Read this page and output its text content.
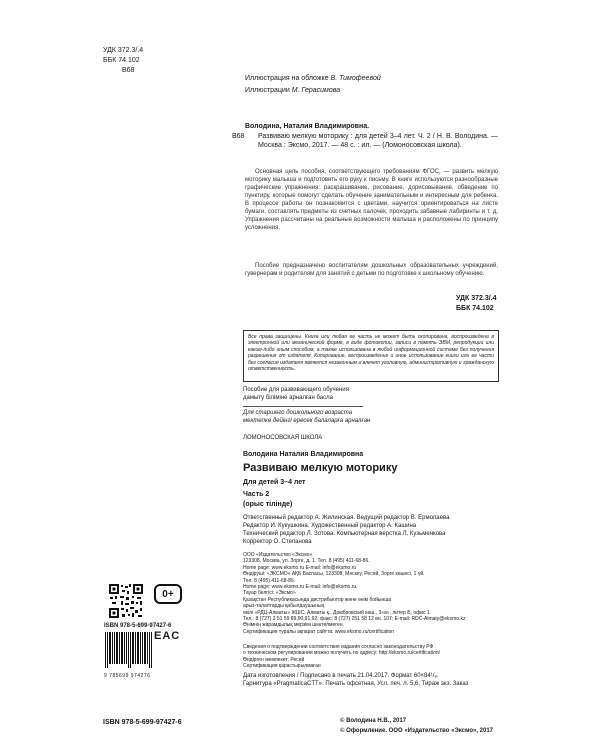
УДК 372.3/.4
ББК 74.102
В68
Иллюстрация на обложке В. Тимофеевой
Иллюстрации М. Герасимова
Володина, Наталия Владимировна.
В68 Развиваю мелкую моторику : для детей 3–4 лет. Ч. 2 / Н. В. Володина. — Москва : Эксмо, 2017. — 48 с. : ил. — (Ломоносовская школа).
Основная цель пособия, соответствующего требованиям ФГОС, — развить мелкую моторику малыша и подготовить его руку к письму. В книге используются разнообразные графические упражнения: раскрашивание, рисование, дорисовывание, обведение по пунктиру, которые помогут сделать обучение занимательным и интересным для ребенка. В процессе работы он познакомится с цветами, научится ориентироваться на листе бумаги, составлять предметы из счетных палочек, проходить забавные лабиринты и т. д. Упражнения рассчитаны на реальные возможности малыша и расположены по принципу усложнения.
Пособие предназначено воспитателям дошкольных образовательных учреждений, гувернерам и родителям для занятий с детьми по подготовке к школьному обучению.
УДК 372.3/.4
ББК 74.102
Все права защищены. Книга или любая ее часть не может быть скопирована, воспроизведена в электронной или механической форме, в виде фотокопии, записи в память ЭВМ, репродукции или каким-либо иным способом, а также использована в любой информационной системе без получения разрешения от издателя. Копирование, воспроизведение и иное использование книги или ее части без согласия издателя является незаконным и влечет уголовную, административную и гражданскую ответственность.
Пособие для развивающего обучения
дамыту бiлiмiне арналған басла
Для старшего дошкольного возраста
мектепке дейінгі ересек балаларға арналған
ЛОМОНОСОВСКАЯ ШКОЛА
Володина Наталия Владимировна
Развиваю мелкую моторику
Для детей 3–4 лет
Часть 2
(орыс тілінде)
Ответственный редактор А. Жилинская. Ведущий редактор В. Ермолаева
Редактор И. Кукушкина. Художественный редактор А. Кашина
Технический редактор Л. Зотова. Компьютерная верстка Л. Кузьменкова
Корректор О. Степанова
ООО «Издательство «Эксмо»
123308, Москва, ул. Зорге, д. 1. Тел. 8 (495) 411-68-86.
Home page: www.eksmo.ru E-mail: info@eksmo.ru
Өндіруші: «ЭКСМО» АҚБ Баспасы, 123308, Мәскеу, Ресей, Зорге көшесі, 1 үй.
Тел. 8 (495) 411-68-86.
Home page: www.eksmo.ru E-mail: info@eksmo.ru.
Тауар белгісі: «Эксмо»
Қазақстан Республикасында дистрибьютор және өнім бойынша
арыз-талаптарды қабылдаушының
өкілі «РДЦ-Алматы» ЖШС, Алматы қ., Домбровский көш., 3«а», литер Б, офис 1.
Тел.: 8 (727) 2 51 59 89,90,91,92, факс: 8 (727) 251 58 12 вн. 107; E-mail: RDC-Almaty@eksmo.kz
Өнімнің жарамдылық мерзімі шектелмеген.
Сертификация туралы ақпарат сайтта: www.eksmo.ru/certification
Сведения о подтверждении соответствия издания согласно законодательству РФ
о техническом регулировании можно получить по адресу: http://eksmo.ru/certification/
Өндірген мемлекет: Ресей
Сертификация қарастырылмаған
Дата изготовления / Подписано в печать 21.04.2017. Формат 60×84¹/₈.
Гарнитура «PragmaticaCTT». Печать офсетная. Усл. печ. л. 5,6. Тираж экз. Заказ
0+
ISBN 978-5-699-97427-6
EAC
9 785699 974276
ISBN 978-5-699-97427-6	© Володина Н.В., 2017
© Оформление. ООО «Издательство «Эксмо», 2017
